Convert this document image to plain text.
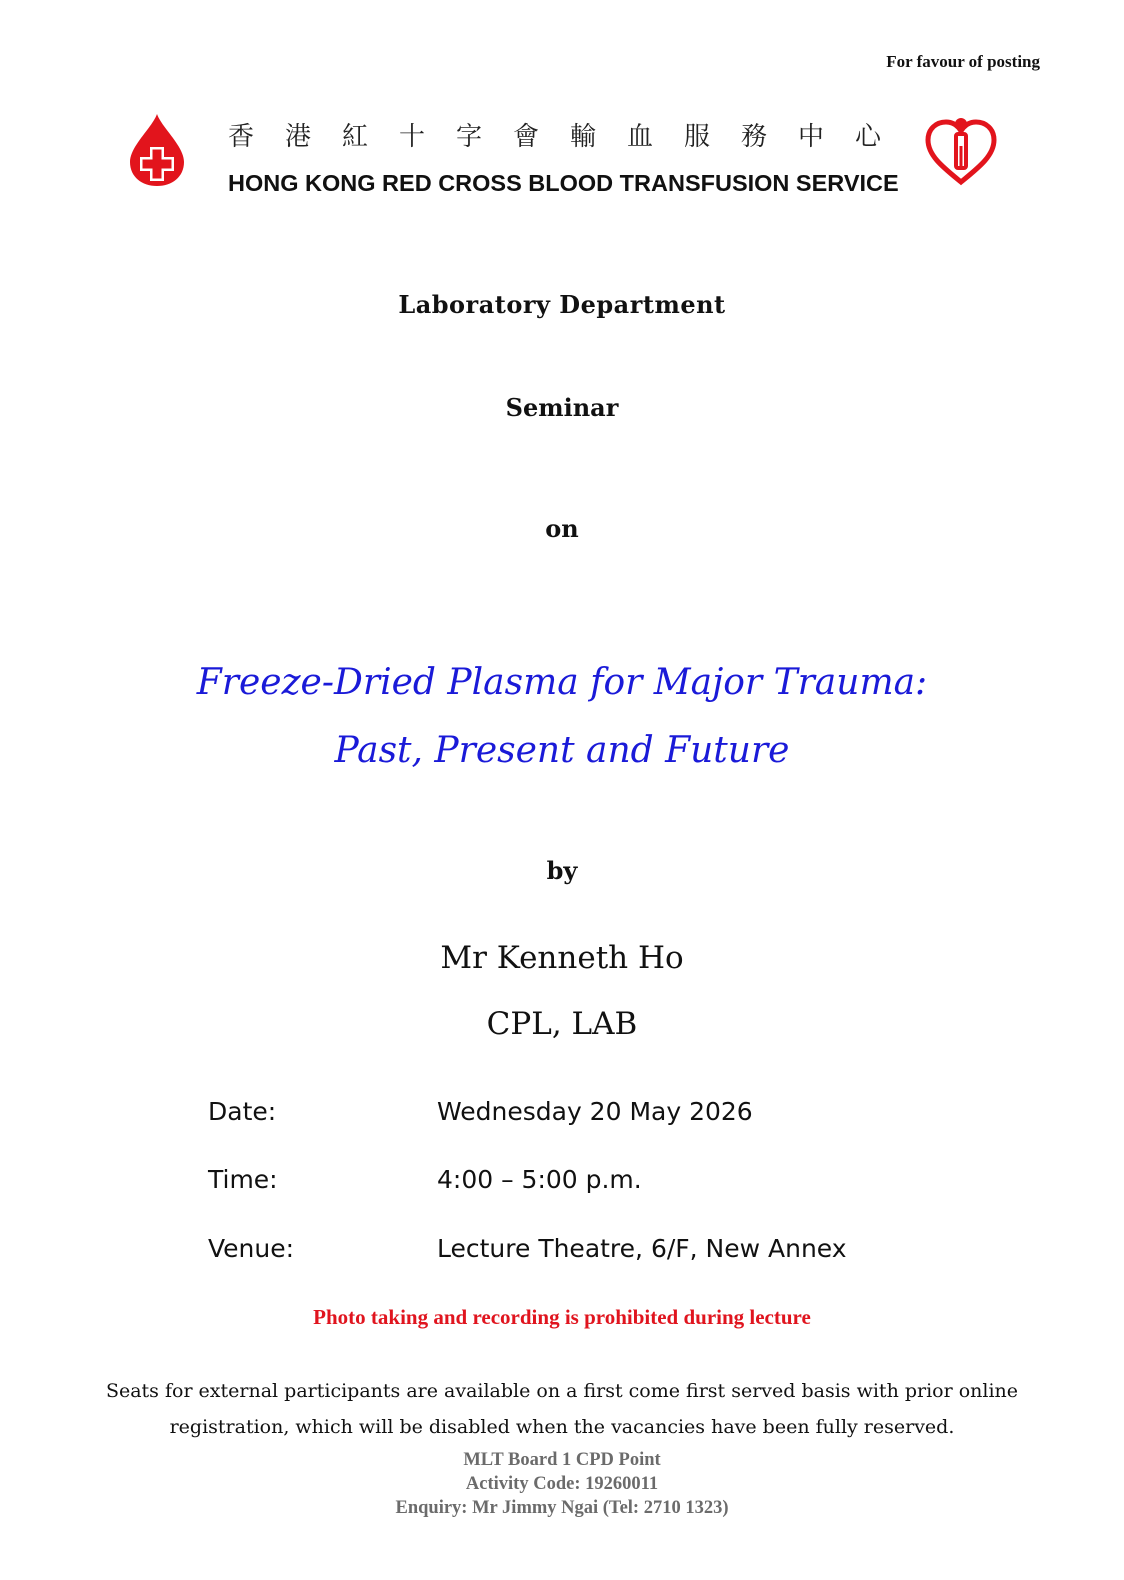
For favour of posting
香港紅十字會輸血服務中心
HONG KONG RED CROSS BLOOD TRANSFUSION SERVICE
Laboratory Department
Seminar
on
Freeze-Dried Plasma for Major Trauma:
Past, Present and Future
by
Mr Kenneth Ho
CPL, LAB
Date:	Wednesday 20 May 2026
Time:	4:00 – 5:00 p.m.
Venue:	Lecture Theatre, 6/F, New Annex
Photo taking and recording is prohibited during lecture
Seats for external participants are available on a first come first served basis with prior online
registration, which will be disabled when the vacancies have been fully reserved.
MLT Board 1 CPD Point
Activity Code: 19260011
Enquiry: Mr Jimmy Ngai (Tel: 2710 1323)
